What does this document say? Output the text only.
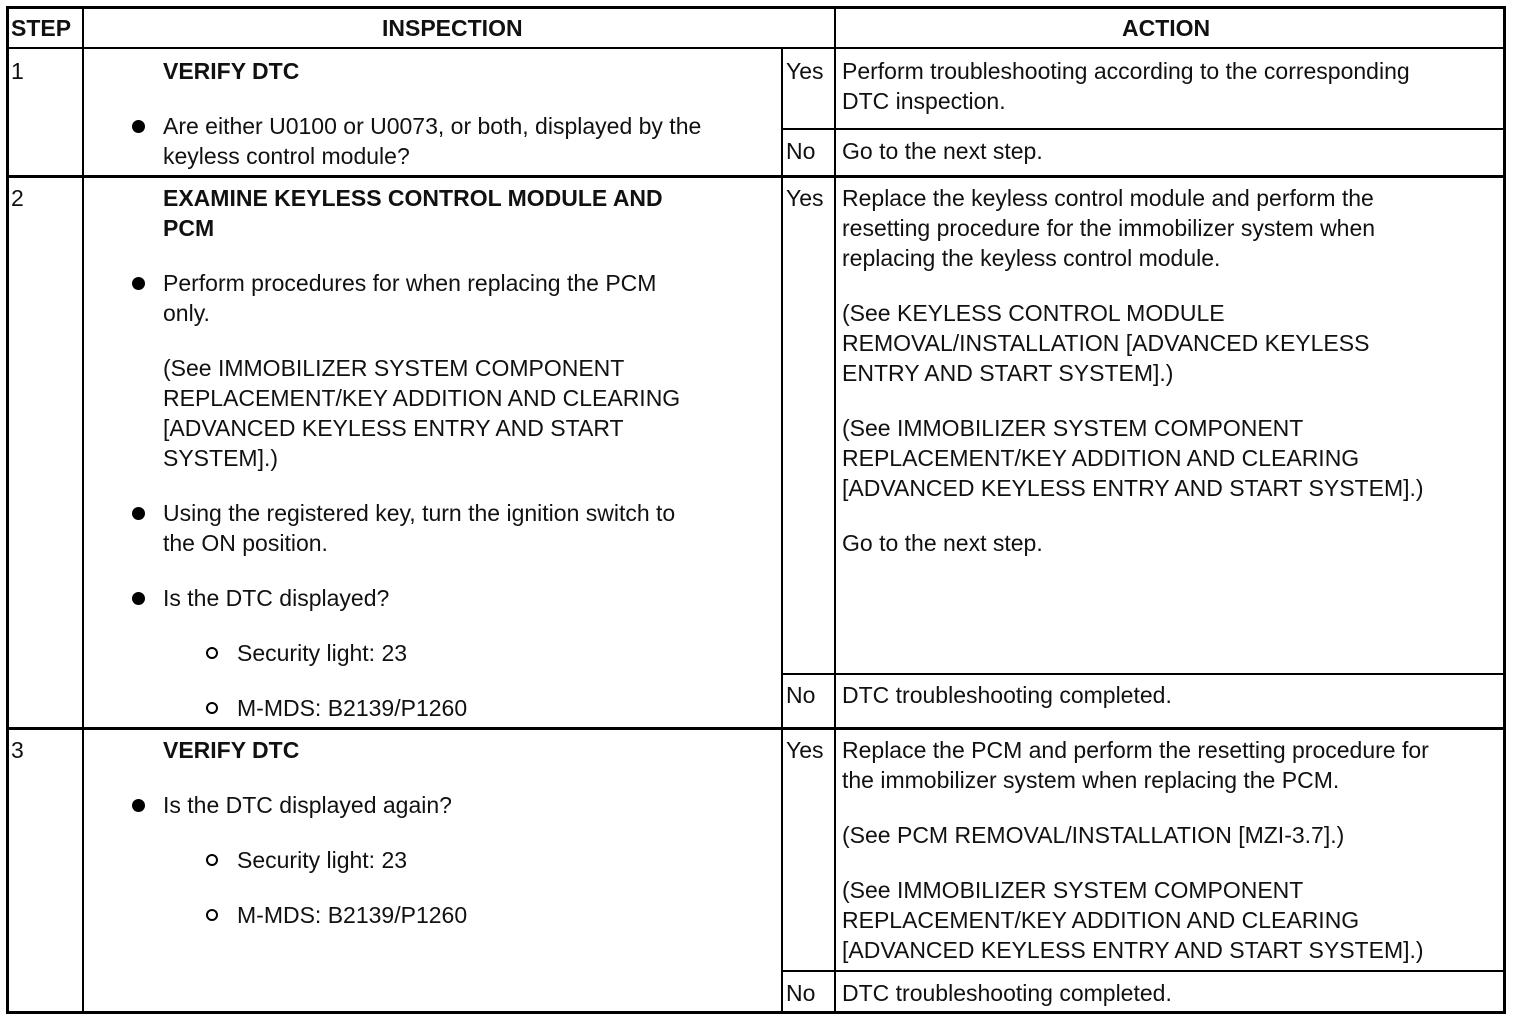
STEP	INSPECTION	ACTION
1	VERIFY DTC
Are either U0100 or U0073, or both, displayed by the
keyless control module?
Yes Perform troubleshooting according to the corresponding
DTC inspection.
No Go to the next step.
2	EXAMINE KEYLESS CONTROL MODULE AND
PCM
Perform procedures for when replacing the PCM
only.
(See IMMOBILIZER SYSTEM COMPONENT
REPLACEMENT/KEY ADDITION AND CLEARING
[ADVANCED KEYLESS ENTRY AND START
SYSTEM].)
Using the registered key, turn the ignition switch to
the ON position.
Is the DTC displayed?
Security light: 23
M-MDS: B2139/P1260
Yes Replace the keyless control module and perform the
resetting procedure for the immobilizer system when
replacing the keyless control module.
(See KEYLESS CONTROL MODULE
REMOVAL/INSTALLATION [ADVANCED KEYLESS
ENTRY AND START SYSTEM].)
(See IMMOBILIZER SYSTEM COMPONENT
REPLACEMENT/KEY ADDITION AND CLEARING
[ADVANCED KEYLESS ENTRY AND START SYSTEM].)
Go to the next step.
No DTC troubleshooting completed.
3	VERIFY DTC
Is the DTC displayed again?
Security light: 23
M-MDS: B2139/P1260
Yes Replace the PCM and perform the resetting procedure for
the immobilizer system when replacing the PCM.
(See PCM REMOVAL/INSTALLATION [MZI-3.7].)
(See IMMOBILIZER SYSTEM COMPONENT
REPLACEMENT/KEY ADDITION AND CLEARING
[ADVANCED KEYLESS ENTRY AND START SYSTEM].)
No DTC troubleshooting completed.
